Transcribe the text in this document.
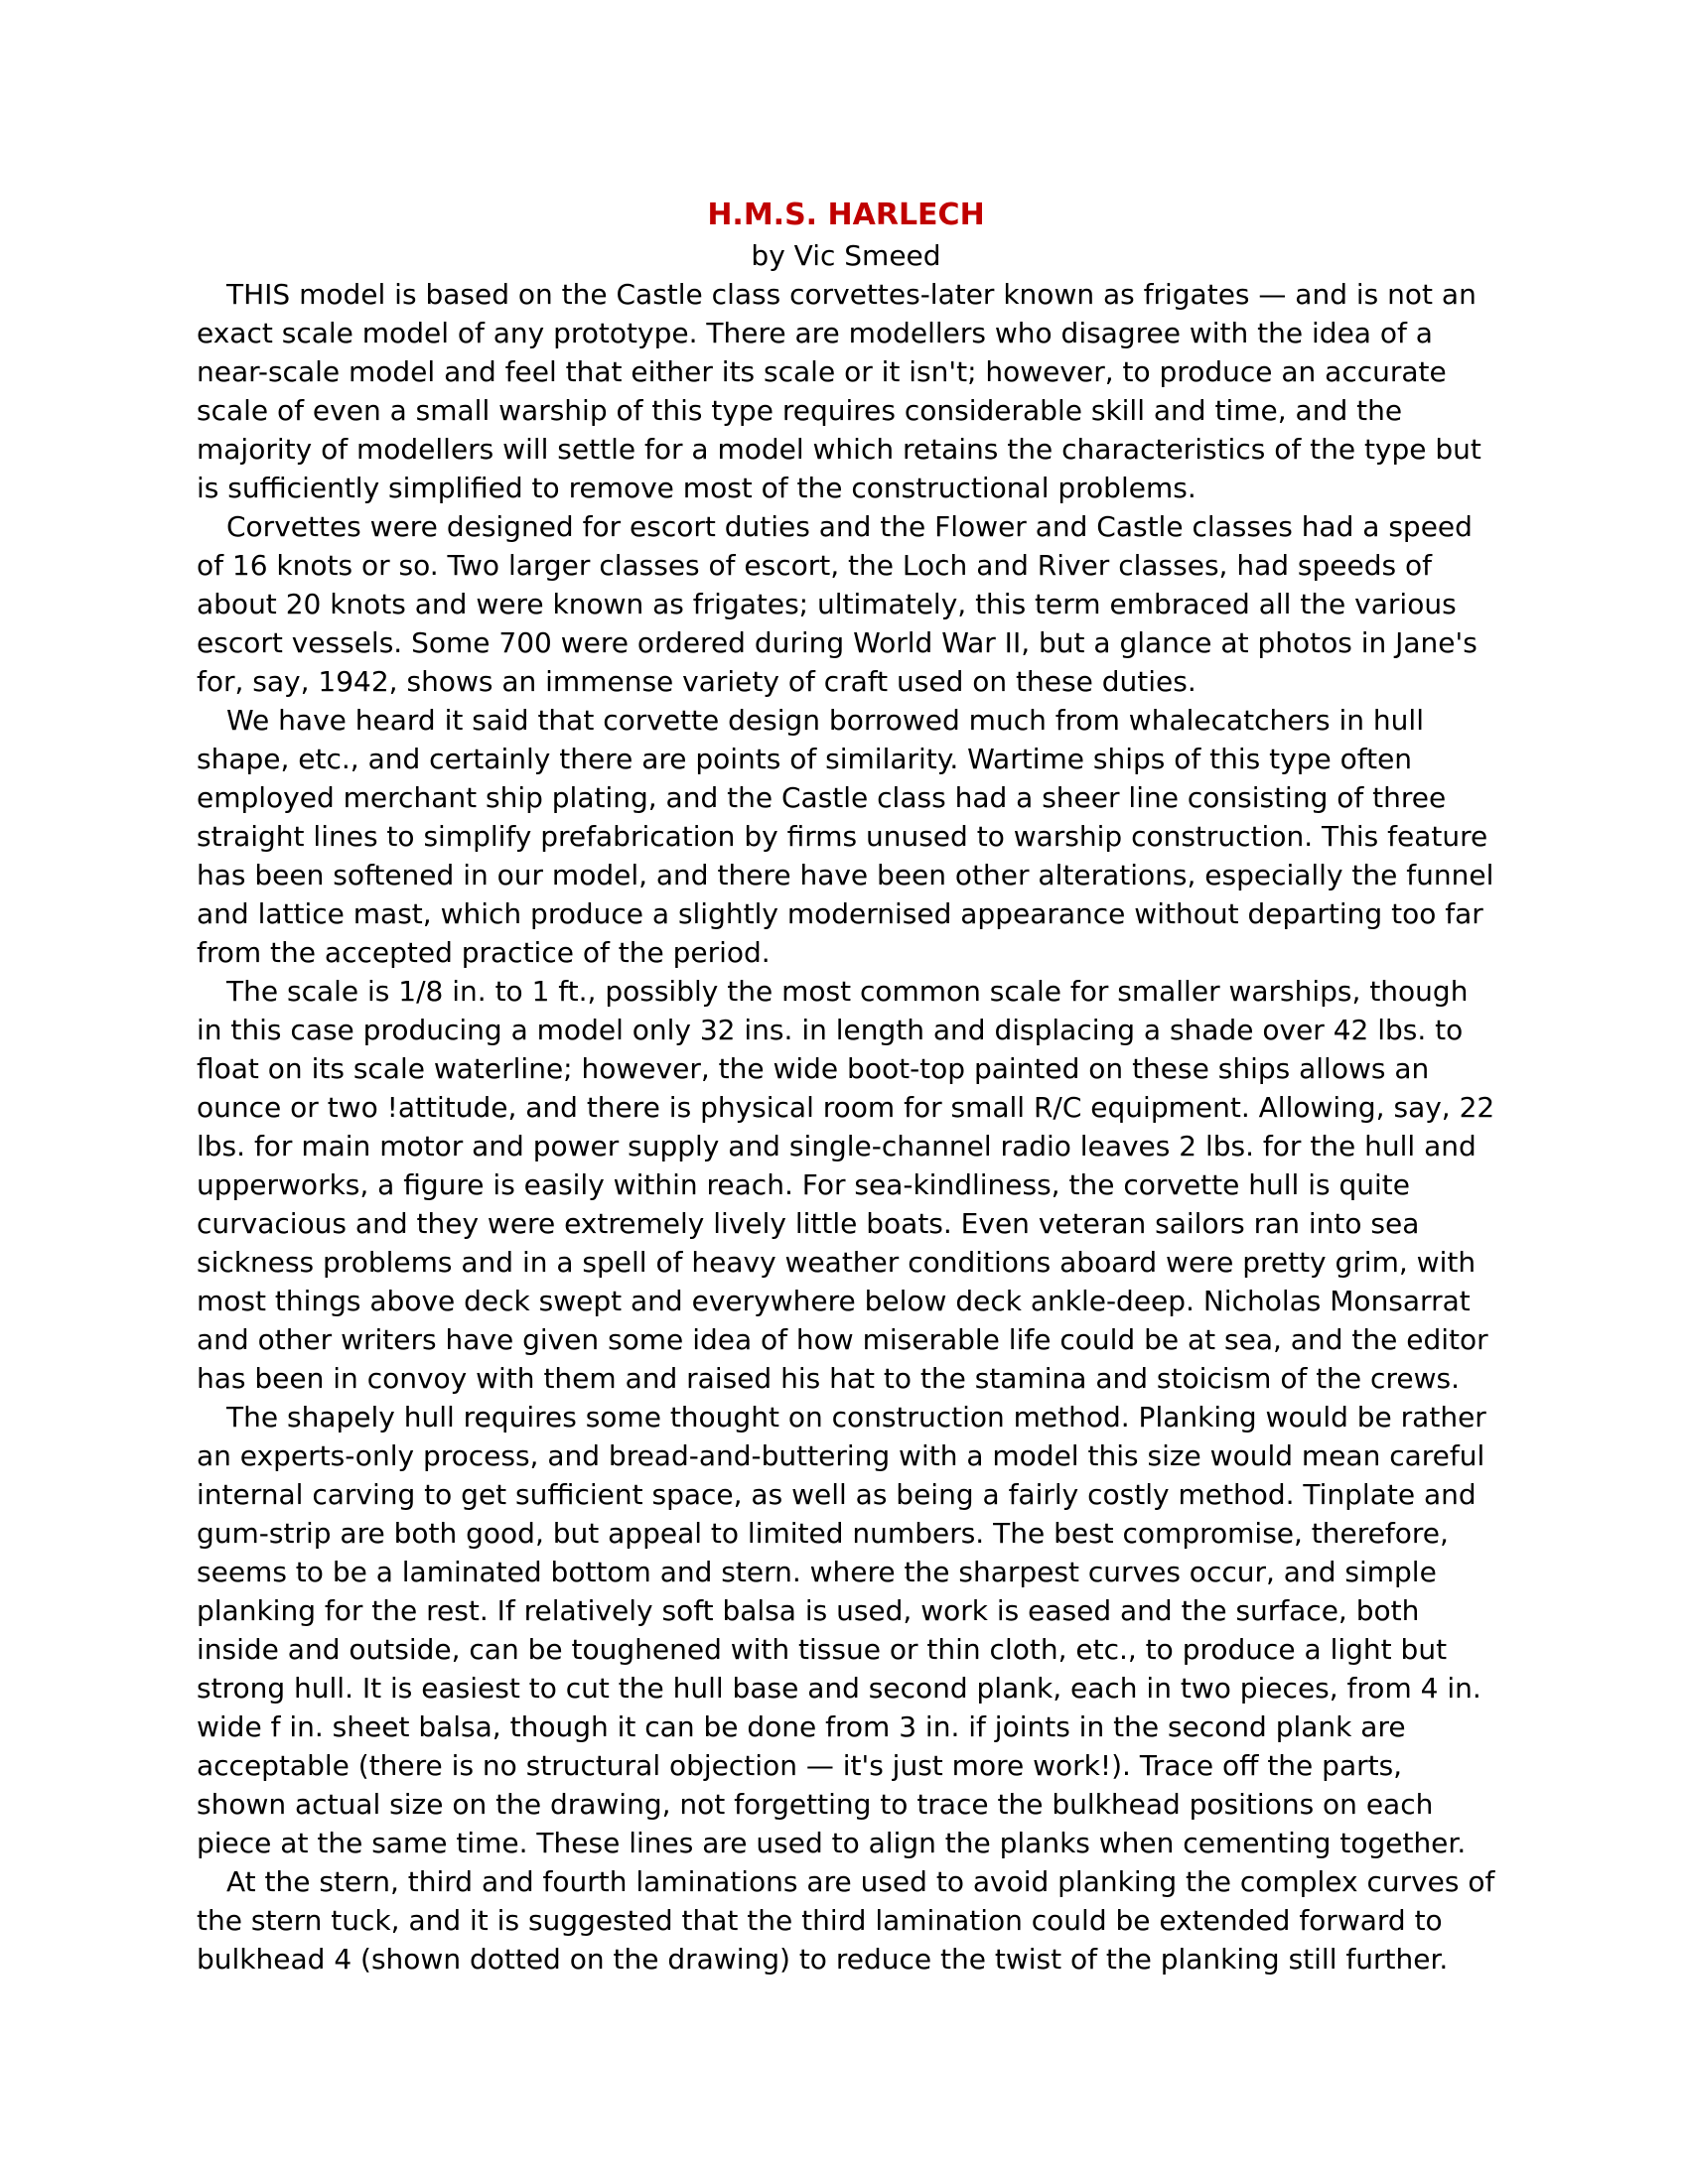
H.M.S. HARLECH

by Vic Smeed

THIS model is based on the Castle class corvettes-later known as frigates — and is not an exact scale model of any prototype. There are modellers who disagree with the idea of a near-scale model and feel that either its scale or it isn't; however, to produce an accurate scale of even a small warship of this type requires considerable skill and time, and the majority of modellers will settle for a model which retains the characteristics of the type but is sufficiently simplified to remove most of the constructional problems.

Corvettes were designed for escort duties and the Flower and Castle classes had a speed of 16 knots or so. Two larger classes of escort, the Loch and River classes, had speeds of about 20 knots and were known as frigates; ultimately, this term embraced all the various escort vessels. Some 700 were ordered during World War II, but a glance at photos in Jane's for, say, 1942, shows an immense variety of craft used on these duties.

We have heard it said that corvette design borrowed much from whalecatchers in hull shape, etc., and certainly there are points of similarity. Wartime ships of this type often employed merchant ship plating, and the Castle class had a sheer line consisting of three straight lines to simplify prefabrication by firms unused to warship construction. This feature has been softened in our model, and there have been other alterations, especially the funnel and lattice mast, which produce a slightly modernised appearance without departing too far from the accepted practice of the period.

The scale is 1/8 in. to 1 ft., possibly the most common scale for smaller warships, though in this case producing a model only 32 ins. in length and displacing a shade over 42 lbs. to float on its scale waterline; however, the wide boot-top painted on these ships allows an ounce or two !attitude, and there is physical room for small R/C equipment. Allowing, say, 22 lbs. for main motor and power supply and single-channel radio leaves 2 lbs. for the hull and upperworks, a figure is easily within reach. For sea-kindliness, the corvette hull is quite curvacious and they were extremely lively little boats. Even veteran sailors ran into sea sickness problems and in a spell of heavy weather conditions aboard were pretty grim, with most things above deck swept and everywhere below deck ankle-deep. Nicholas Monsarrat and other writers have given some idea of how miserable life could be at sea, and the editor has been in convoy with them and raised his hat to the stamina and stoicism of the crews.

The shapely hull requires some thought on construction method. Planking would be rather an experts-only process, and bread-and-buttering with a model this size would mean careful internal carving to get sufficient space, as well as being a fairly costly method. Tinplate and gum-strip are both good, but appeal to limited numbers. The best compromise, therefore, seems to be a laminated bottom and stern. where the sharpest curves occur, and simple planking for the rest. If relatively soft balsa is used, work is eased and the surface, both inside and outside, can be toughened with tissue or thin cloth, etc., to produce a light but strong hull. It is easiest to cut the hull base and second plank, each in two pieces, from 4 in. wide f in. sheet balsa, though it can be done from 3 in. if joints in the second plank are acceptable (there is no structural objection — it's just more work!). Trace off the parts, shown actual size on the drawing, not forgetting to trace the bulkhead positions on each piece at the same time. These lines are used to align the planks when cementing together.

At the stern, third and fourth laminations are used to avoid planking the complex curves of the stern tuck, and it is suggested that the third lamination could be extended forward to bulkhead 4 (shown dotted on the drawing) to reduce the twist of the planking still further.
